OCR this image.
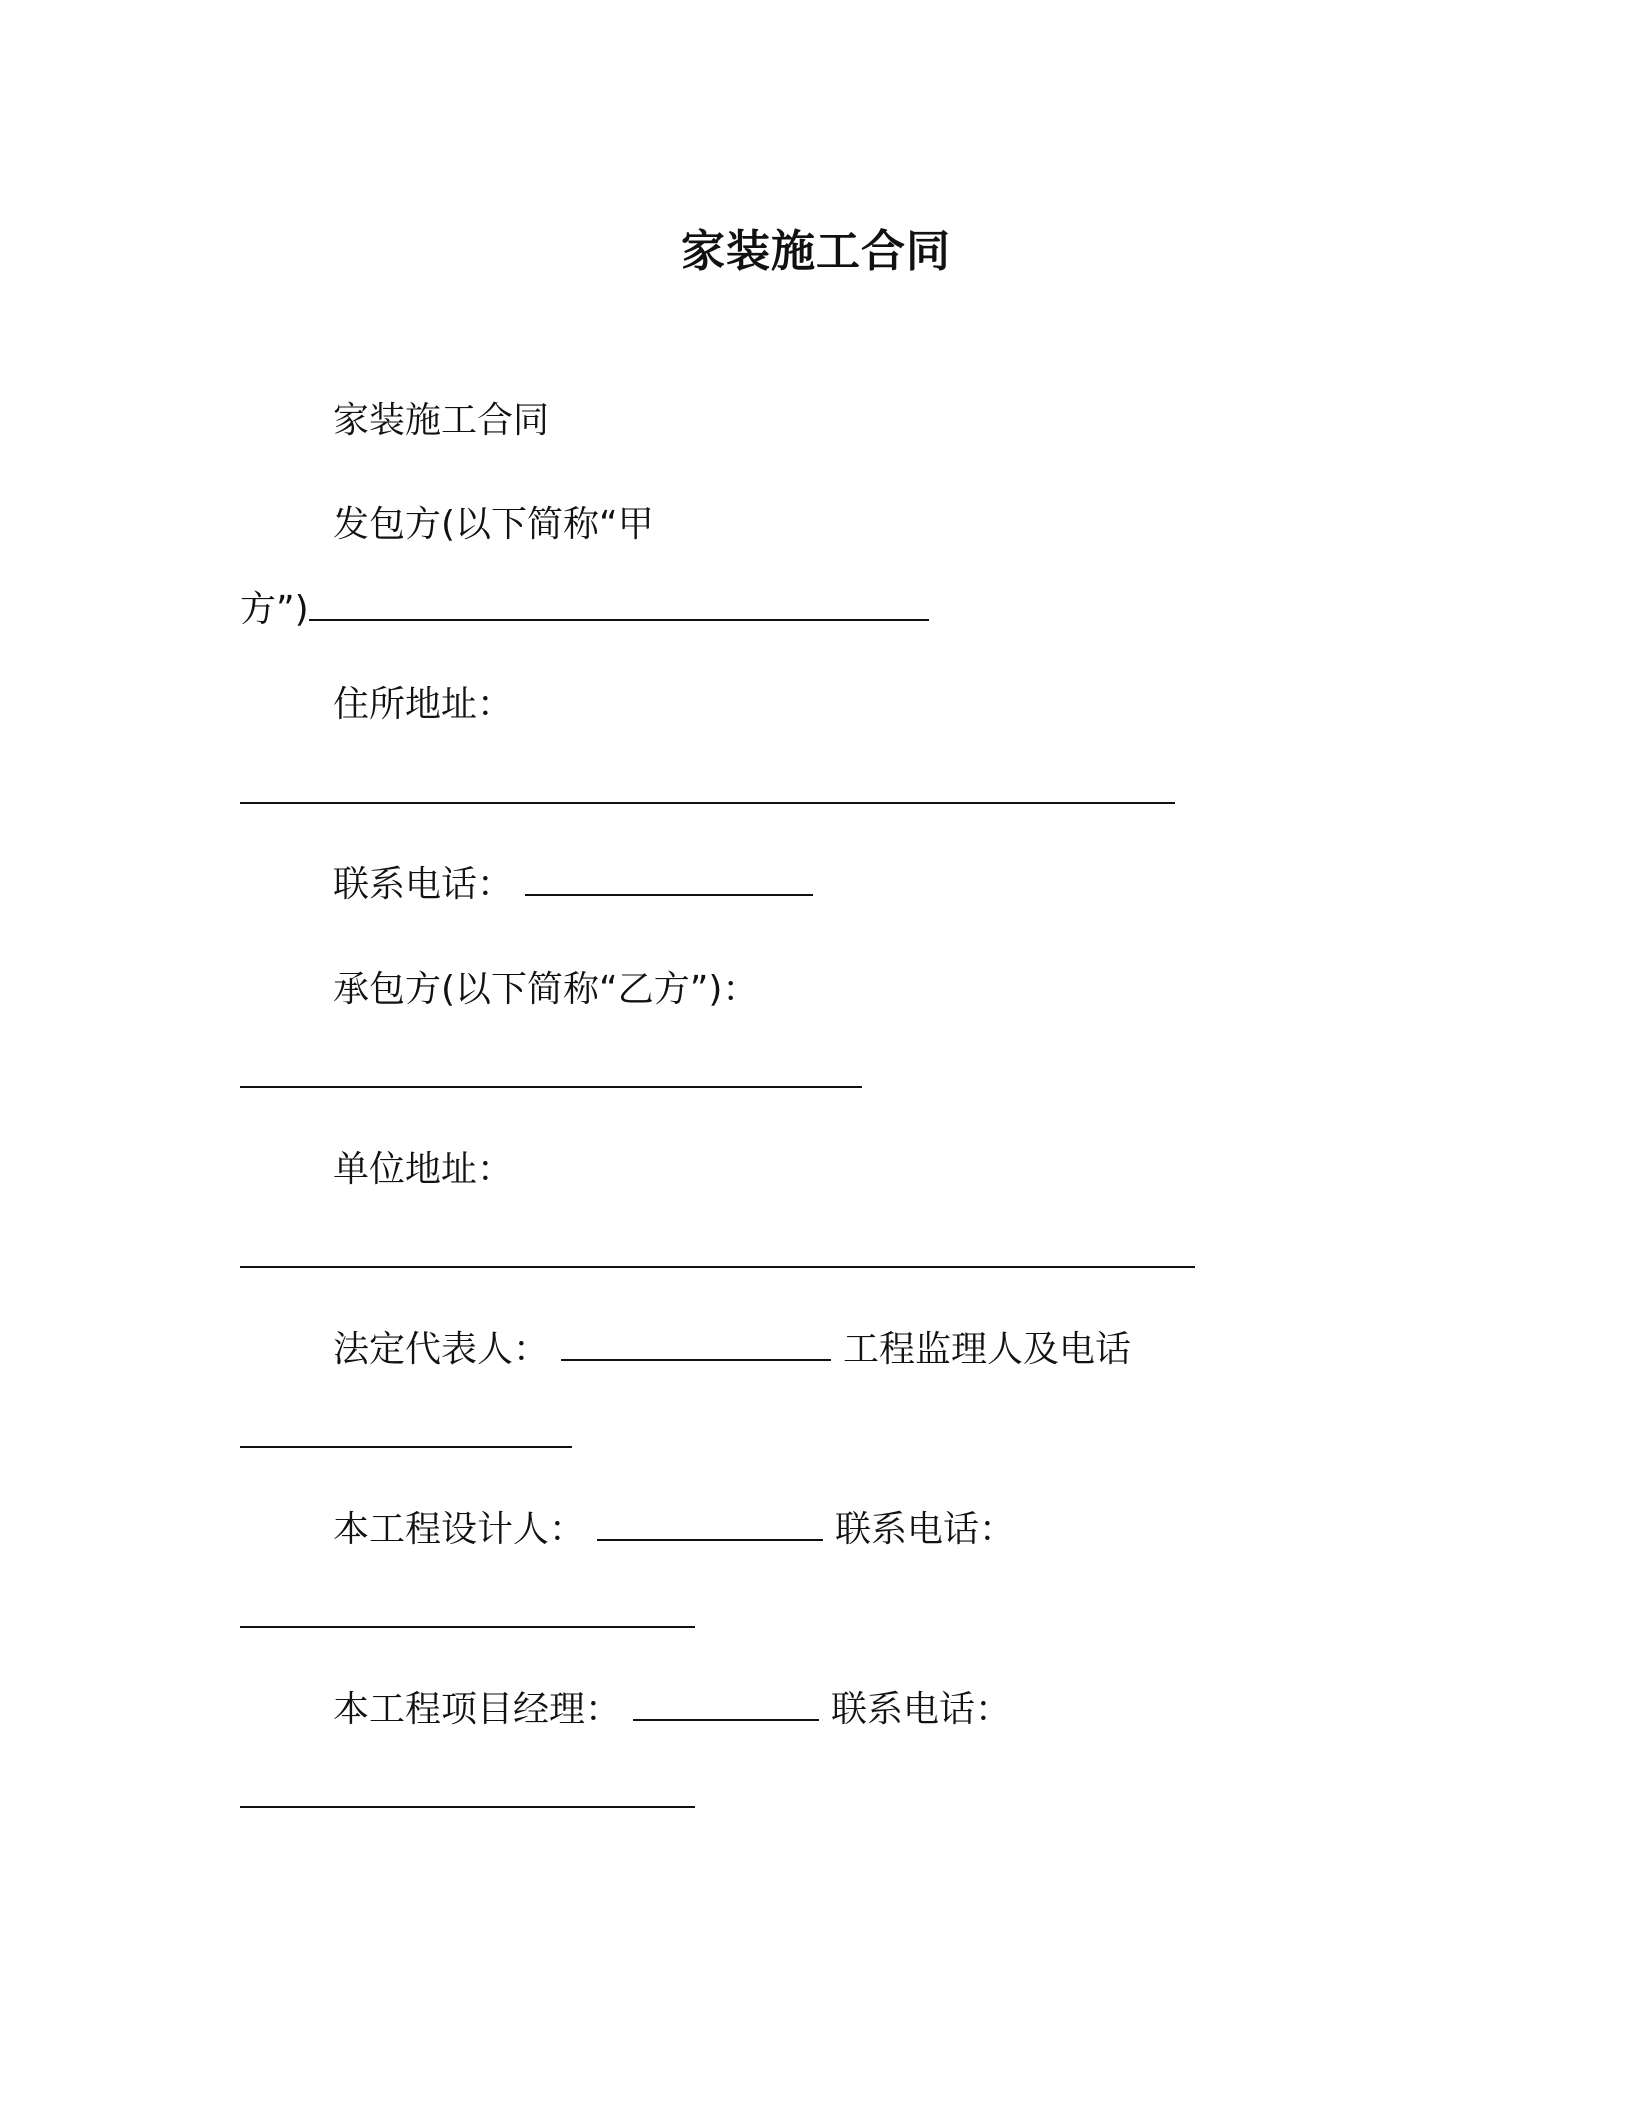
家装施工合同
家装施工合同
发包方(以下简称“甲
方”)
住所地址：
联系电话：
承包方(以下简称“乙方”)：
单位地址：
法定代表人：	工程监理人及电话
本工程设计人：	联系电话：
本工程项目经理：	联系电话：
